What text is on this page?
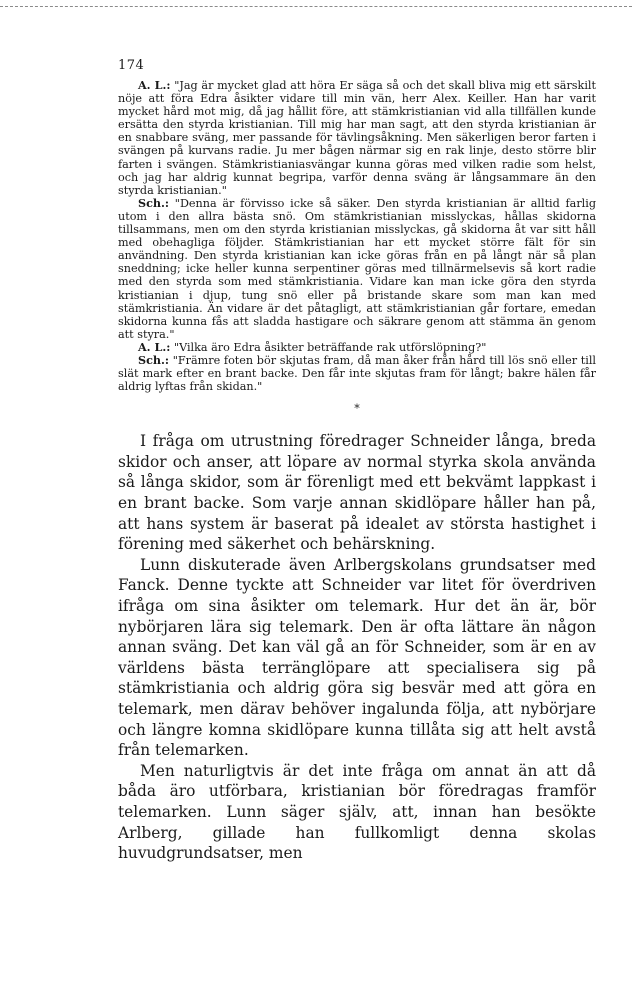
174

A. L.: "Jag är mycket glad att höra Er säga så och det skall bliva mig ett särskilt nöje att föra Edra åsikter vidare till min vän, herr Alex. Keiller. Han har varit mycket hård mot mig, då jag hållit före, att stämkristianian vid alla tillfällen kunde ersätta den styrda kristianian. Till mig har man sagt, att den styrda kristianian är en snabbare sväng, mer passande för tävlingsåkning. Men säkerligen beror farten i svängen på kurvans radie. Ju mer bågen närmar sig en rak linje, desto större blir farten i svängen. Stämkristianiasvängar kunna göras med vilken radie som helst, och jag har aldrig kunnat begripa, varför denna sväng är långsammare än den styrda kristianian."

Sch.: "Denna är förvisso icke så säker. Den styrda kristianian är alltid farlig utom i den allra bästa snö. Om stämkristianian misslyckas, hållas skidorna tillsammans, men om den styrda kristianian misslyckas, gå skidorna åt var sitt håll med obehagliga följder. Stämkristianian har ett mycket större fält för sin användning. Den styrda kristianian kan icke göras från en på långt när så plan sneddning; icke heller kunna serpentiner göras med tillnärmelsevis så kort radie med den styrda som med stämkristiania. Vidare kan man icke göra den styrda kristianian i djup, tung snö eller på bristande skare som man kan med stämkristiania. Än vidare är det påtagligt, att stämkristianian går fortare, emedan skidorna kunna fås att sladda hastigare och säkrare genom att stämma än genom att styra."

A. L.: "Vilka äro Edra åsikter beträffande rak utförslöpning?"

Sch.: "Främre foten bör skjutas fram, då man åker från hård till lös snö eller till slät mark efter en brant backe. Den får inte skjutas fram för långt; bakre hälen får aldrig lyftas från skidan."

*

I fråga om utrustning föredrager Schneider långa, breda skidor och anser, att löpare av normal styrka skola använda så långa skidor, som är förenligt med ett bekvämt lappkast i en brant backe. Som varje annan skidlöpare håller han på, att hans system är baserat på idealet av största hastighet i förening med säkerhet och behärskning.

Lunn diskuterade även Arlbergskolans grundsatser med Fanck. Denne tyckte att Schneider var litet för överdriven ifråga om sina åsikter om telemark. Hur det än är, bör nybörjaren lära sig telemark. Den är ofta lättare än någon annan sväng. Det kan väl gå an för Schneider, som är en av världens bästa terränglöpare att specialisera sig på stämkristiania och aldrig göra sig besvär med att göra en telemark, men därav behöver ingalunda följa, att nybörjare och längre komna skidlöpare kunna tillåta sig att helt avstå från telemarken.

Men naturligtvis är det inte fråga om annat än att då båda äro utförbara, kristianian bör föredragas framför telemarken. Lunn säger själv, att, innan han besökte Arlberg, gillade han fullkomligt denna skolas huvudgrundsatser, men
